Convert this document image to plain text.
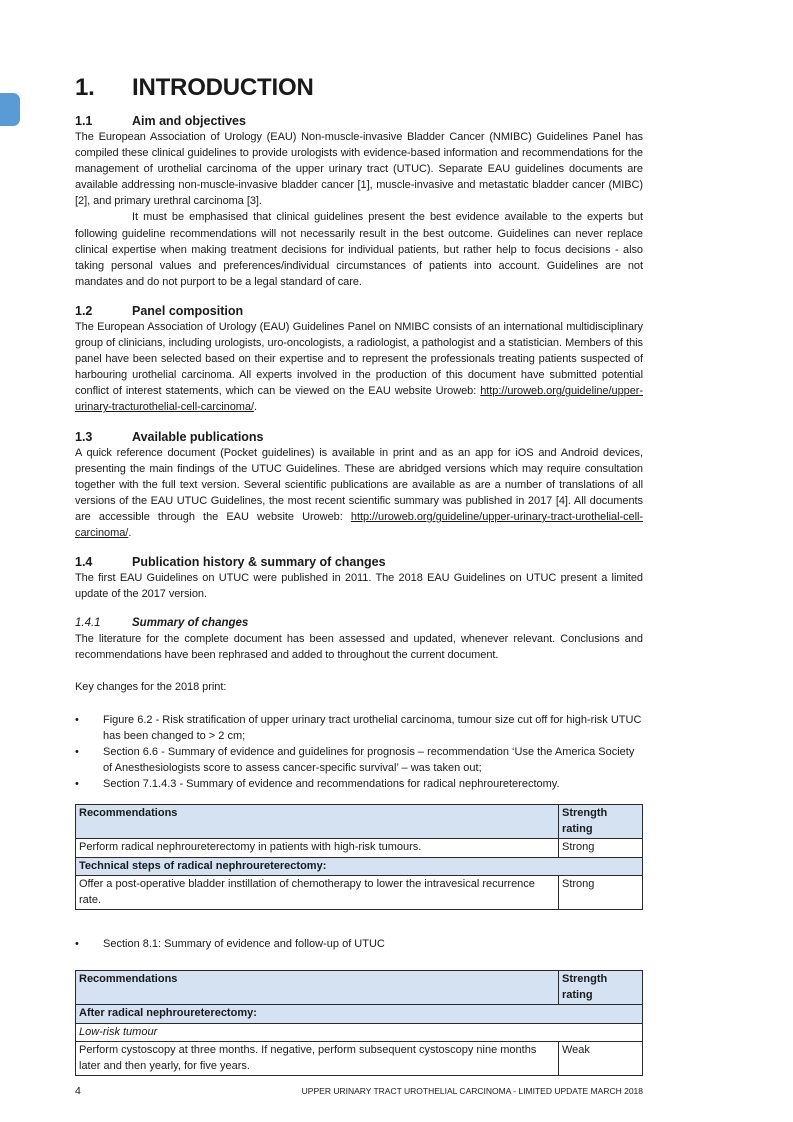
1. INTRODUCTION
1.1	Aim and objectives

The European Association of Urology (EAU) Non-muscle-invasive Bladder Cancer (NMIBC) Guidelines Panel has compiled these clinical guidelines to provide urologists with evidence-based information and recommendations for the management of urothelial carcinoma of the upper urinary tract (UTUC). Separate EAU guidelines documents are available addressing non-muscle-invasive bladder cancer [1], muscle-invasive and metastatic bladder cancer (MIBC) [2], and primary urethral carcinoma [3].

It must be emphasised that clinical guidelines present the best evidence available to the experts but following guideline recommendations will not necessarily result in the best outcome. Guidelines can never replace clinical expertise when making treatment decisions for individual patients, but rather help to focus decisions - also taking personal values and preferences/individual circumstances of patients into account. Guidelines are not mandates and do not purport to be a legal standard of care.

1.2	Panel composition

The European Association of Urology (EAU) Guidelines Panel on NMIBC consists of an international multidisciplinary group of clinicians, including urologists, uro-oncologists, a radiologist, a pathologist and a statistician. Members of this panel have been selected based on their expertise and to represent the professionals treating patients suspected of harbouring urothelial carcinoma. All experts involved in the production of this document have submitted potential conflict of interest statements, which can be viewed on the EAU website Uroweb: http://uroweb.org/guideline/upper-urinary-tracturothelial-cell-carcinoma/.

1.3	Available publications

A quick reference document (Pocket guidelines) is available in print and as an app for iOS and Android devices, presenting the main findings of the UTUC Guidelines. These are abridged versions which may require consultation together with the full text version. Several scientific publications are available as are a number of translations of all versions of the EAU UTUC Guidelines, the most recent scientific summary was published in 2017 [4]. All documents are accessible through the EAU website Uroweb: http://uroweb.org/guideline/upper-urinary-tract-urothelial-cell-carcinoma/.

1.4	Publication history & summary of changes

The first EAU Guidelines on UTUC were published in 2011. The 2018 EAU Guidelines on UTUC present a limited update of the 2017 version.

1.4.1	Summary of changes

The literature for the complete document has been assessed and updated, whenever relevant. Conclusions and recommendations have been rephrased and added to throughout the current document.

Key changes for the 2018 print:

•	Figure 6.2 - Risk stratification of upper urinary tract urothelial carcinoma, tumour size cut off for high-risk UTUC has been changed to > 2 cm;
•	Section 6.6 - Summary of evidence and guidelines for prognosis – recommendation ‘Use the America Society of Anesthesiologists score to assess cancer-specific survival’ – was taken out;
•	Section 7.1.4.3 - Summary of evidence and recommendations for radical nephroureterectomy.
Recommendations	Strength rating
Perform radical nephroureterectomy in patients with high-risk tumours.	Strong
Technical steps of radical nephroureterectomy:	
Offer a post-operative bladder instillation of chemotherapy to lower the intravesical recurrence rate.	Strong
•	Section 8.1: Summary of evidence and follow-up of UTUC
Recommendations	Strength rating
After radical nephroureterectomy:	
Low-risk tumour	
Perform cystoscopy at three months. If negative, perform subsequent cystoscopy nine months later and then yearly, for five years.	Weak
4	UPPER URINARY TRACT UROTHELIAL CARCINOMA - LIMITED UPDATE MARCH 2018
